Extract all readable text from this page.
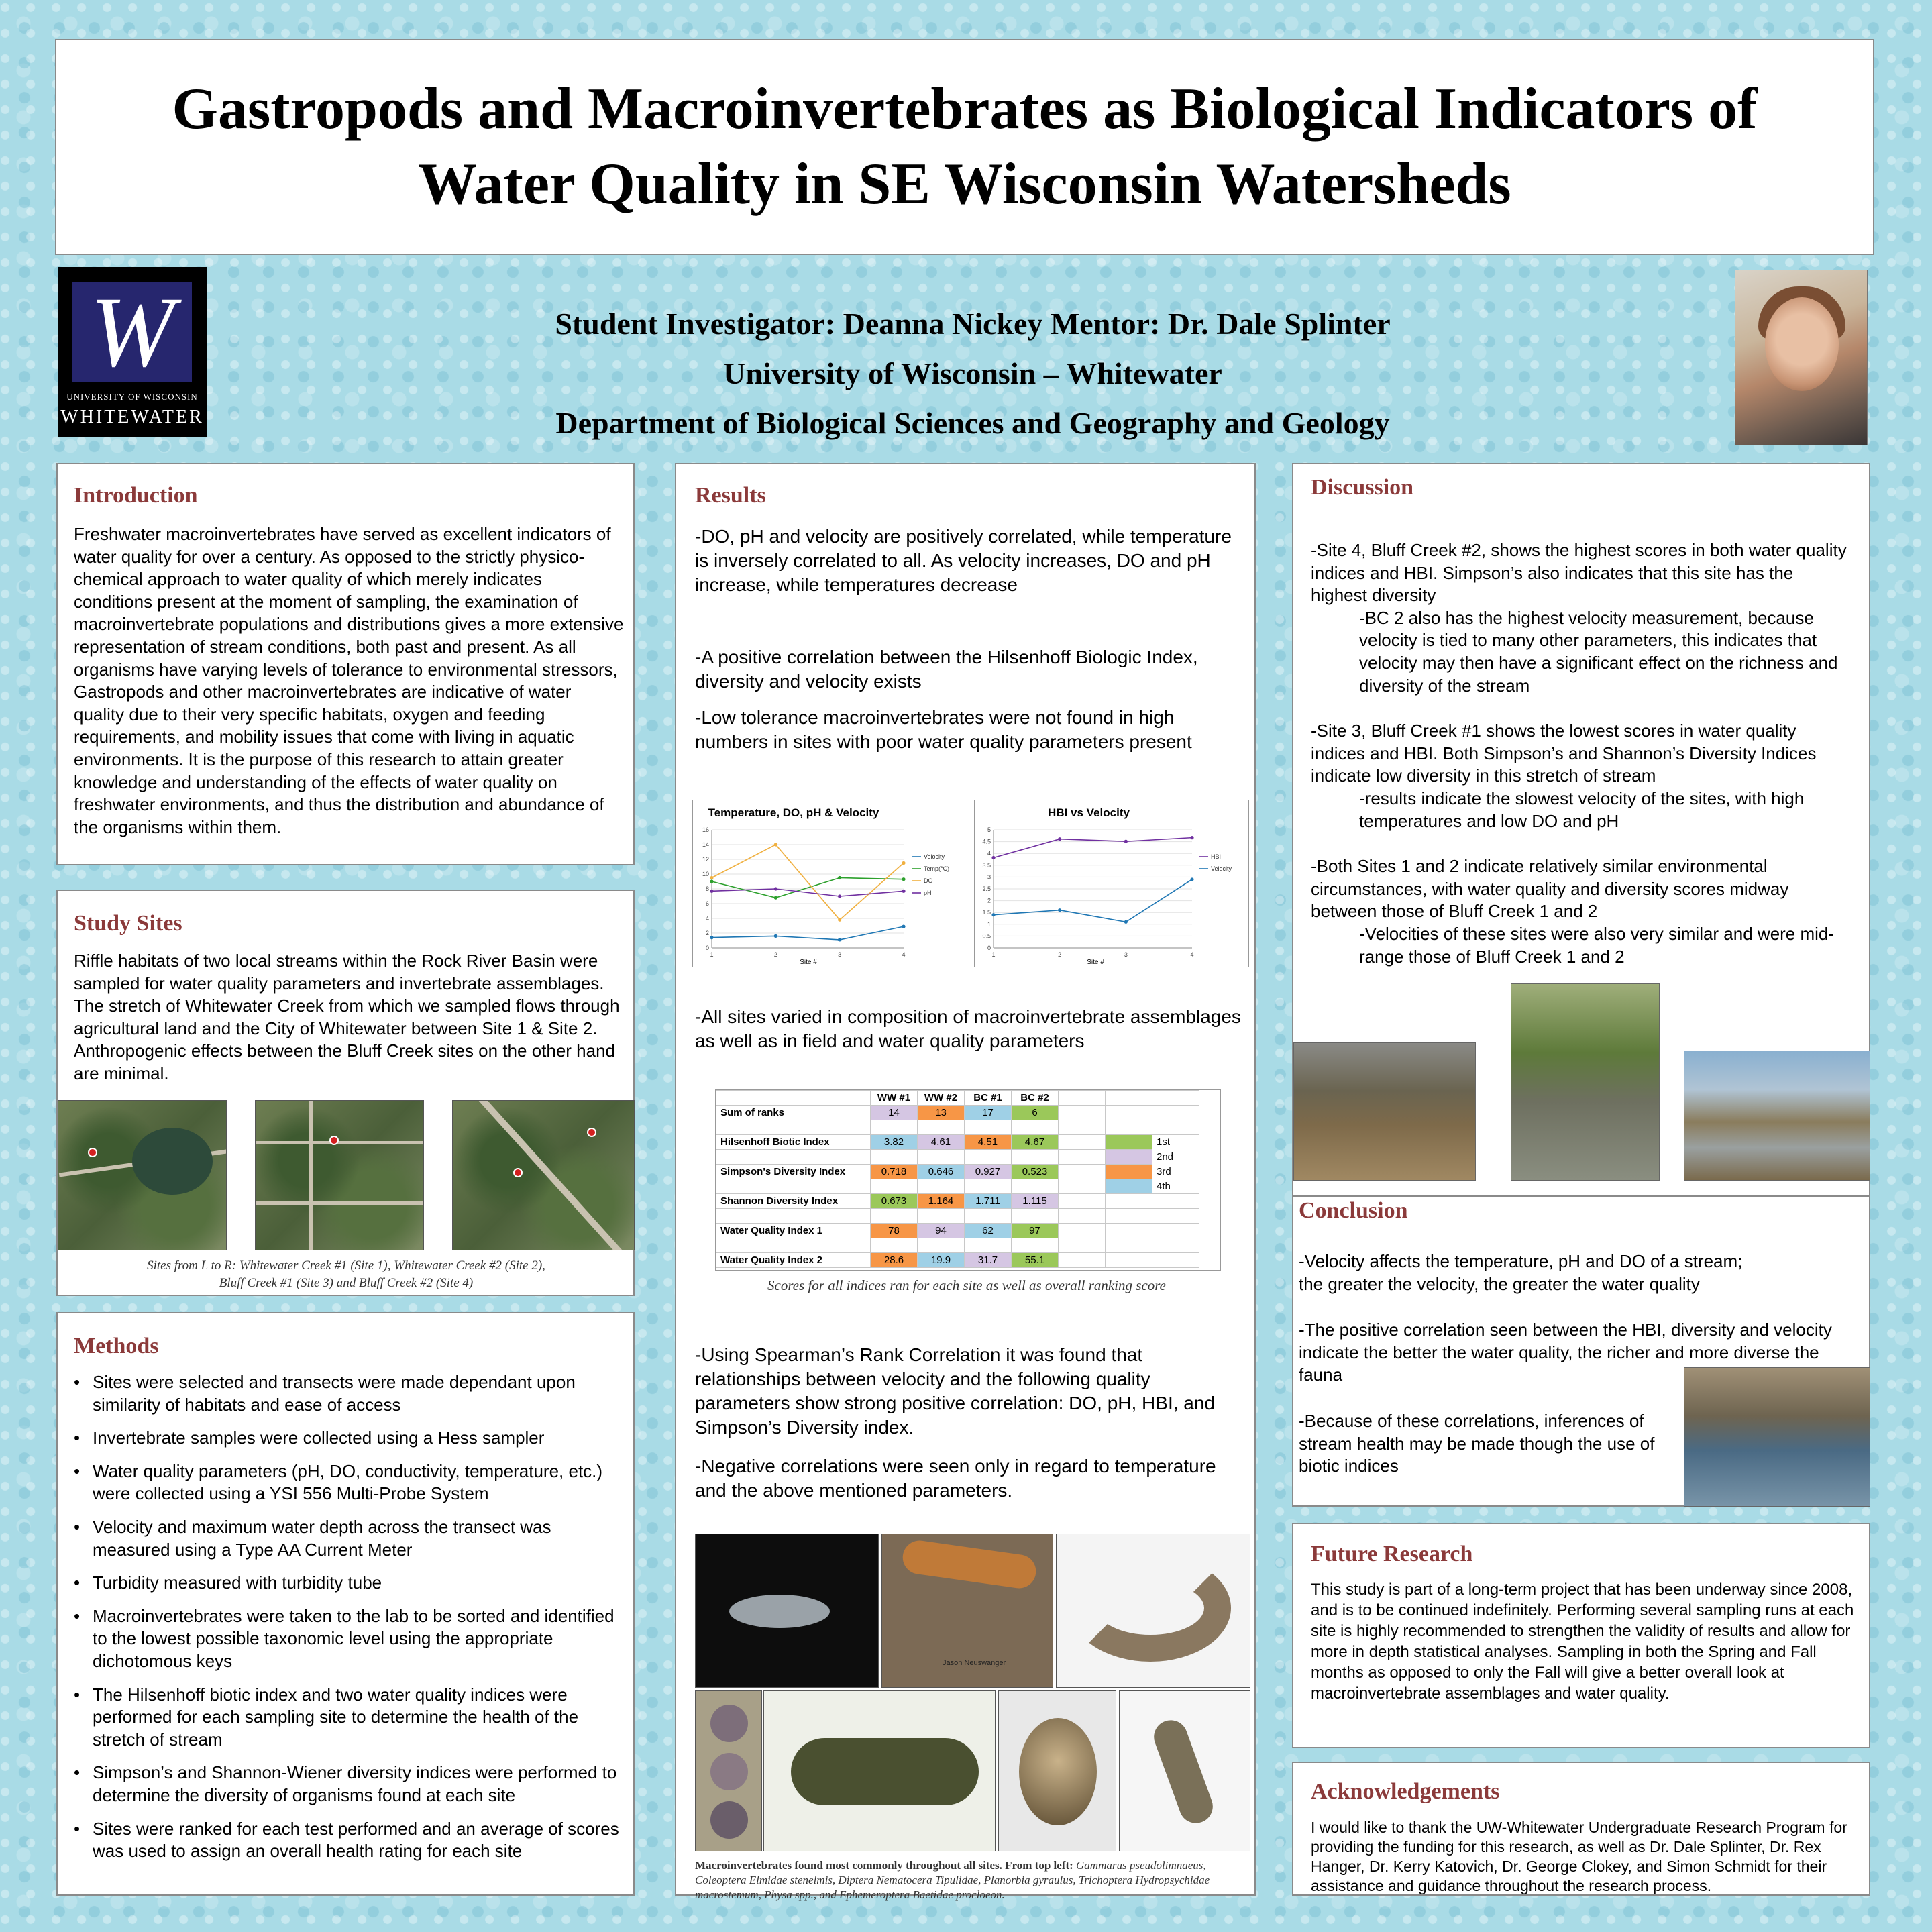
Gastropods and Macroinvertebrates as Biological Indicators of Water Quality in SE Wisconsin Watersheds
W
UNIVERSITY OF WISCONSIN
WHITEWATER
Student Investigator: Deanna Nickey Mentor: Dr. Dale Splinter
University of Wisconsin – Whitewater
Department of Biological Sciences and Geography and Geology
Introduction
Freshwater macroinvertebrates have served as excellent indicators of water quality for over a century. As opposed to the strictly physico-chemical approach to water quality of which merely indicates conditions present at the moment of sampling, the examination of macroinvertebrate populations and distributions gives a more extensive representation of stream conditions, both past and present. As all organisms have varying levels of tolerance to environmental stressors, Gastropods and other macroinvertebrates are indicative of water quality due to their very specific habitats, oxygen and feeding requirements, and mobility issues that come with living in aquatic environments. It is the purpose of this research to attain greater knowledge and understanding of the effects of water quality on freshwater environments, and thus the distribution and abundance of the organisms within them.
Study Sites
Riffle habitats of two local streams within the Rock River Basin were sampled for water quality parameters and invertebrate assemblages. The stretch of Whitewater Creek from which we sampled flows through agricultural land and the City of Whitewater between Site 1 & Site 2. Anthropogenic effects between the Bluff Creek sites on the other hand are minimal.
Sites from L to R: Whitewater Creek #1 (Site 1), Whitewater Creek #2 (Site 2),
Bluff Creek #1 (Site 3) and Bluff Creek #2 (Site 4)
Methods
• Sites were selected and transects were made dependant upon similarity of habitats and ease of access
• Invertebrate samples were collected using a Hess sampler
• Water quality parameters (pH, DO, conductivity, temperature, etc.) were collected using a YSI 556 Multi-Probe System
• Velocity and maximum water depth across the transect was measured using a Type AA Current Meter
• Turbidity measured with turbidity tube
• Macroinvertebrates were taken to the lab to be sorted and identified to the lowest possible taxonomic level using the appropriate dichotomous keys
• The Hilsenhoff biotic index and two water quality indices were performed for each sampling site to determine the health of the stretch of stream
• Simpson’s and Shannon-Wiener diversity indices were performed to determine the diversity of organisms found at each site
• Sites were ranked for each test performed and an average of scores was used to assign an overall health rating for each site
Results
-DO, pH and velocity are positively correlated, while temperature is inversely correlated to all. As velocity increases, DO and pH increase, while temperatures decrease
-A positive correlation between the Hilsenhoff Biologic Index, diversity and velocity exists
-Low tolerance macroinvertebrates were not found in high numbers in sites with poor water quality parameters present
Temperature, DO, pH & Velocity
Site #
0
2
4
6
8
10
12
14
16
1	2	3	4
Velocity
Temp(°C)
DO
pH
HBI vs Velocity
Site #
0
0.5
1
1.5
2
2.5
3
3.5
4
4.5
5
1	2	3	4
HBI
Velocity
-All sites varied in composition of macroinvertebrate assemblages as well as in field and water quality parameters
	WW #1	WW #2	BC #1	BC #2			
Sum of ranks	14	13	17	6			

Hilsenhoff Biotic Index	3.82	4.61	4.51	4.67			1st
							2nd
Simpson's Diversity Index	0.718	0.646	0.927	0.523			3rd
							4th
Shannon Diversity Index	0.673	1.164	1.711	1.115			

Water Quality Index 1	78	94	62	97			

Water Quality Index 2	28.6	19.9	31.7	55.1			
Scores for all indices ran for each site as well as overall ranking score
-Using Spearman’s Rank Correlation it was found that relationships between velocity and the following quality parameters show strong positive correlation: DO, pH, HBI, and Simpson’s Diversity index.
-Negative correlations were seen only in regard to temperature and the above mentioned parameters.
Jason Neuswanger
Macroinvertebrates found most commonly throughout all sites. From top left: Gammarus pseudolimnaeus, Coleoptera Elmidae stenelmis, Diptera Nematocera Tipulidae, Planorbia gyraulus, Trichoptera Hydropsychidae macrostemum, Physa spp., and Ephemeroptera Baetidae procloeon.
Discussion
-Site 4, Bluff Creek #2, shows the highest scores in both water quality indices and HBI. Simpson’s also indicates that this site has the highest diversity
-BC 2 also has the highest velocity measurement, because velocity is tied to many other parameters, this indicates that velocity may then have a significant effect on the richness and diversity of the stream
-Site 3, Bluff Creek #1 shows the lowest scores in water quality indices and HBI. Both Simpson’s and Shannon’s Diversity Indices indicate low diversity in this stretch of stream
-results indicate the slowest velocity of the sites, with high temperatures and low DO and pH
-Both Sites 1 and 2 indicate relatively similar environmental circumstances, with water quality and diversity scores midway between those of Bluff Creek 1 and 2
-Velocities of these sites were also very similar and were mid-range those of Bluff Creek 1 and 2
Conclusion
-Velocity affects the temperature, pH and DO of a stream;
the greater the velocity, the greater the water quality
-The positive correlation seen between the HBI, diversity and velocity indicate the better the water quality, the richer and more diverse the fauna
-Because of these correlations, inferences of stream health may be made though the use of biotic indices
Future Research
This study is part of a long-term project that has been underway since 2008, and is to be continued indefinitely. Performing several sampling runs at each site is highly recommended to strengthen the validity of results and allow for more in depth statistical analyses. Sampling in both the Spring and Fall months as opposed to only the Fall will give a better overall look at macroinvertebrate assemblages and water quality.
Acknowledgements
I would like to thank the UW-Whitewater Undergraduate Research Program for providing the funding for this research, as well as Dr. Dale Splinter, Dr. Rex Hanger, Dr. Kerry Katovich, Dr. George Clokey, and Simon Schmidt for their assistance and guidance throughout the research process.
